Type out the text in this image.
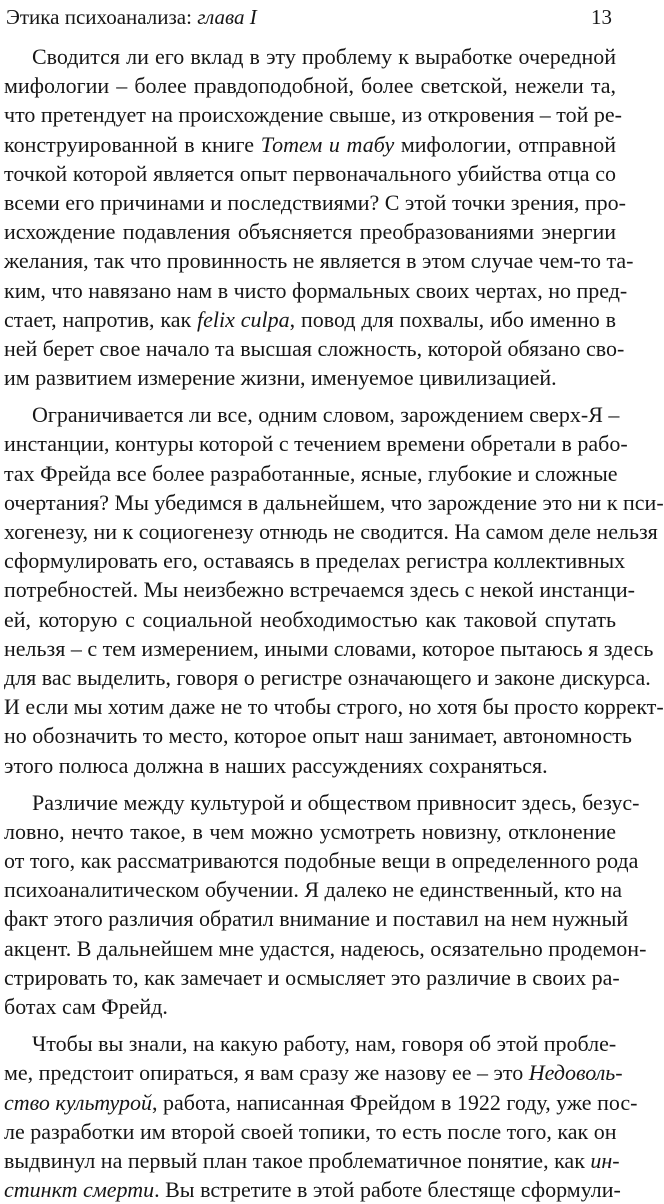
Этика психоанализа: глава I	13
Сводится ли его вклад в эту проблему к выработке очередной
мифологии – более правдоподобной, более светской, нежели та,
что претендует на происхождение свыше, из откровения – той ре-
конструированной в книге Тотем и табу мифологии, отправной
точкой которой является опыт первоначального убийства отца со
всеми его причинами и последствиями? С этой точки зрения, про-
исхождение подавления объясняется преобразованиями энергии
желания, так что провинность не является в этом случае чем-то та-
ким, что навязано нам в чисто формальных своих чертах, но пред-
стает, напротив, как felix culpa, повод для похвалы, ибо именно в
ней берет свое начало та высшая сложность, которой обязано сво-
им развитием измерение жизни, именуемое цивилизацией.
Ограничивается ли все, одним словом, зарождением сверх-Я –
инстанции, контуры которой с течением времени обретали в рабо-
тах Фрейда все более разработанные, ясные, глубокие и сложные
очертания? Мы убедимся в дальнейшем, что зарождение это ни к пси-
хогенезу, ни к социогенезу отнюдь не сводится. На самом деле нельзя
сформулировать его, оставаясь в пределах регистра коллективных
потребностей. Мы неизбежно встречаемся здесь с некой инстанци-
ей, которую с социальной необходимостью как таковой спутать
нельзя – с тем измерением, иными словами, которое пытаюсь я здесь
для вас выделить, говоря о регистре означающего и законе дискурса.
И если мы хотим даже не то чтобы строго, но хотя бы просто коррект-
но обозначить то место, которое опыт наш занимает, автономность
этого полюса должна в наших рассуждениях сохраняться.
Различие между культурой и обществом привносит здесь, безус-
ловно, нечто такое, в чем можно усмотреть новизну, отклонение
от того, как рассматриваются подобные вещи в определенного рода
психоаналитическом обучении. Я далеко не единственный, кто на
факт этого различия обратил внимание и поставил на нем нужный
акцент. В дальнейшем мне удастся, надеюсь, осязательно продемон-
стрировать то, как замечает и осмысляет это различие в своих ра-
ботах сам Фрейд.
Чтобы вы знали, на какую работу, нам, говоря об этой пробле-
ме, предстоит опираться, я вам сразу же назову ее – это Недоволь-
ство культурой, работа, написанная Фрейдом в 1922 году, уже пос-
ле разработки им второй своей топики, то есть после того, как он
выдвинул на первый план такое проблематичное понятие, как ин-
стинкт смерти. Вы встретите в этой работе блестяще сформули-
